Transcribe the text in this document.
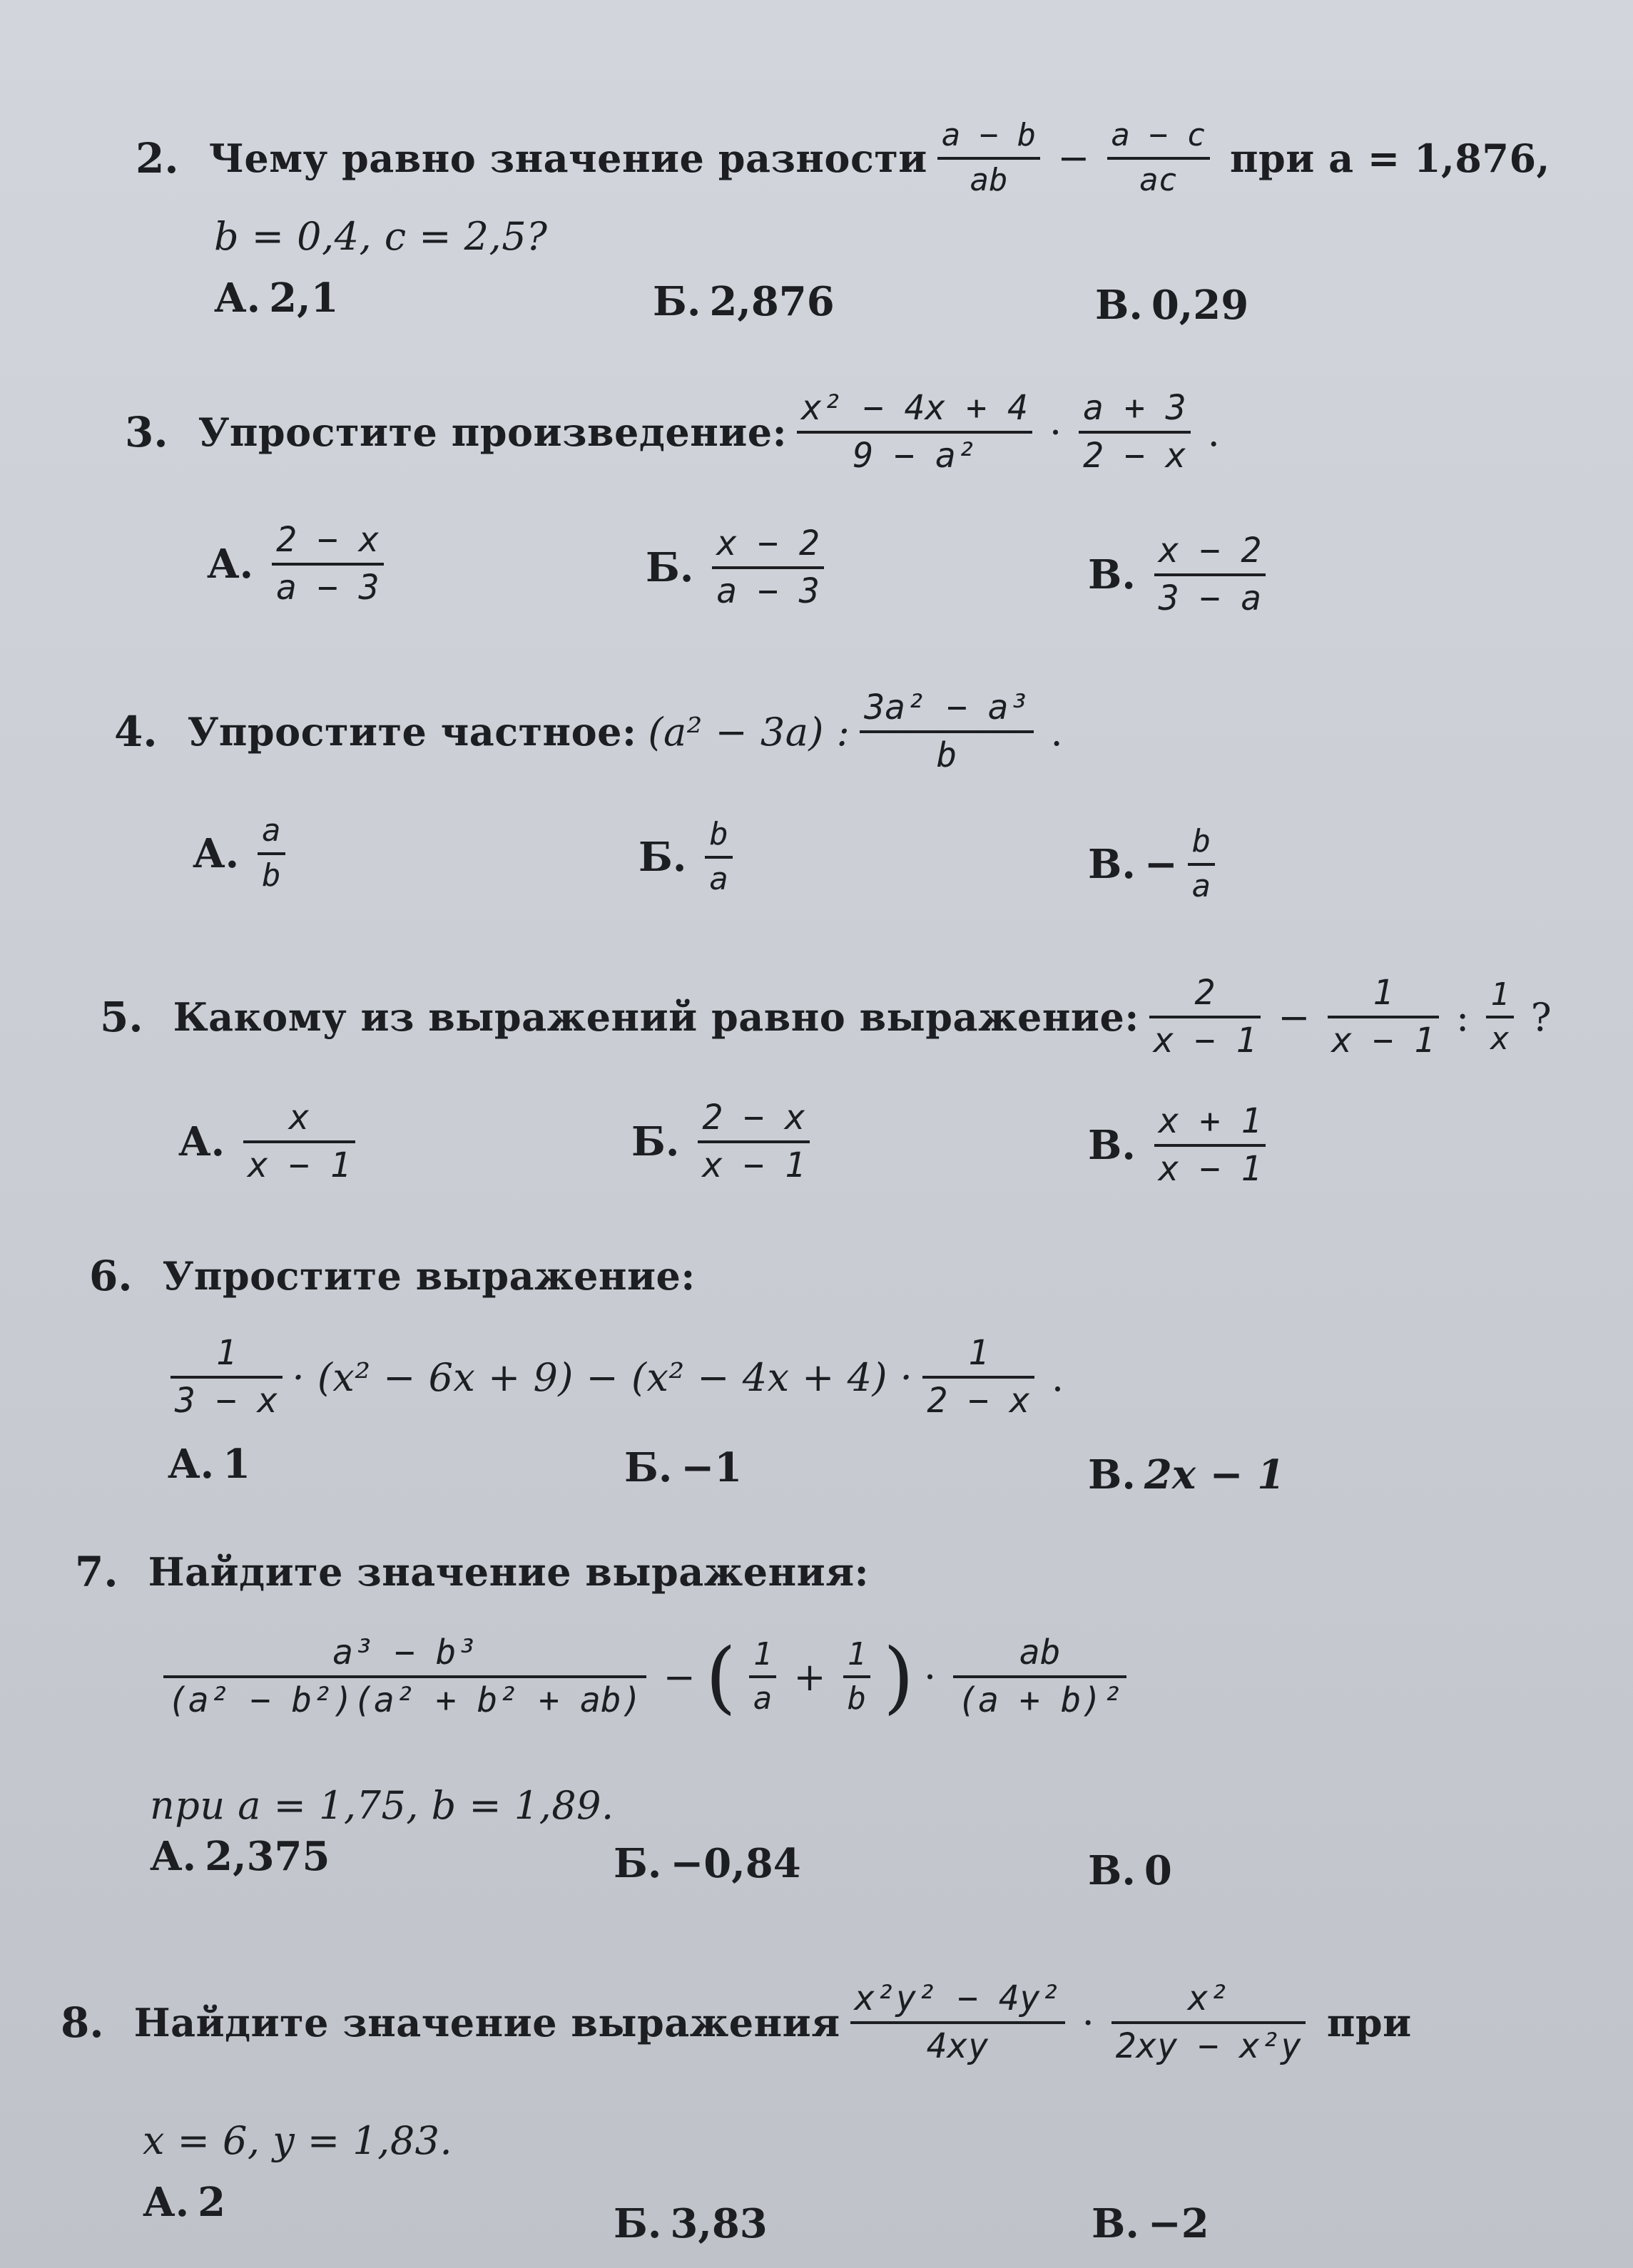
2. Чему равно значение разности $\frac{a - b}{ab} - \frac{a - c}{ac}$ при a = 1,876,
b = 0,4, c = 2,5?
А. 2,1	Б. 2,876	В. 0,29
3. Упростите произведение: $\frac{\text{x² − 4x + 4}}{\text{9 − a²}} \cdot \frac{a + 3}{2 - x}$ .
А. $\frac{2 - x}{a - 3}$	Б. $\frac{x - 2}{a - 3}$	В. $\frac{x - 2}{3 - a}$
4. Упростите частное: (a² − 3a) : $\frac{\text{3a² − a³}}{b}$ .
А. $\frac{a}{b}$	Б. $\frac{b}{a}$	В. − $\frac{b}{a}$
5. Какому из выражений равно выражение: $\frac{2}{x - 1} - \frac{1}{x - 1}$ : $\frac{1}{x}$ ?
А. $\frac{x}{x - 1}$	Б. $\frac{2 - x}{x - 1}$	В. $\frac{x + 1}{x - 1}$
6. Упростите выражение:
$\frac{1}{3 - x} \cdot (x^2 - 6x + 9) - (x^2 - 4x + 4) \cdot \frac{1}{2 - x}$ .
А. 1	Б. −1	В. 2x − 1
7. Найдите значение выражения:
$\frac{\text{a³ − b³}}{\text{(a² − b²)(a² + b² + ab)}}$ − ( $\frac{1}{a} + \frac{1}{b}$ ) · $\frac{ab}{\text{(a + b)²}}$
при a = 1,75, b = 1,89.
А. 2,375	Б. −0,84	В. 0
8. Найдите значение выражения $\frac{\text{x²y² − 4y²}}{4xy} \cdot \frac{\text{x²}}{\text{2xy − x²y}}$ при
x = 6, y = 1,83.
А. 2	Б. 3,83	В. −2
